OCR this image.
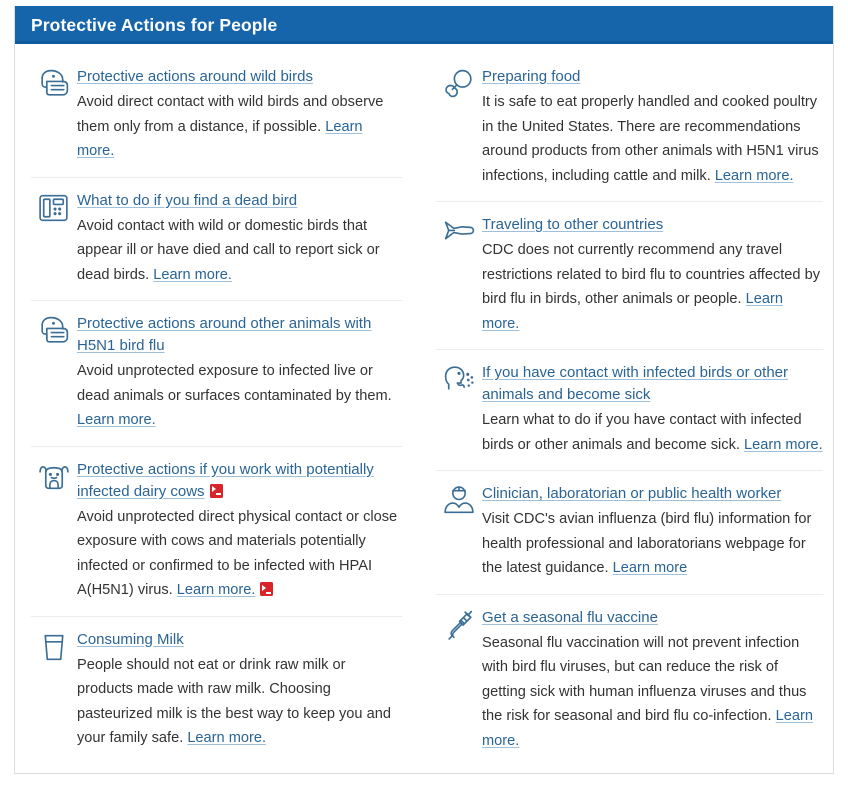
Protective Actions for People
Protective actions around wild birds
Avoid direct contact with wild birds and observe them only from a distance, if possible. Learn more.
What to do if you find a dead bird
Avoid contact with wild or domestic birds that appear ill or have died and call to report sick or dead birds. Learn more.
Protective actions around other animals with H5N1 bird flu
Avoid unprotected exposure to infected live or dead animals or surfaces contaminated by them. Learn more.
Protective actions if you work with potentially infected dairy cows
Avoid unprotected direct physical contact or close exposure with cows and materials potentially infected or confirmed to be infected with HPAI A(H5N1) virus. Learn more.
Consuming Milk
People should not eat or drink raw milk or products made with raw milk. Choosing pasteurized milk is the best way to keep you and your family safe. Learn more.
Preparing food
It is safe to eat properly handled and cooked poultry in the United States. There are recommendations around products from other animals with H5N1 virus infections, including cattle and milk. Learn more.
Traveling to other countries
CDC does not currently recommend any travel restrictions related to bird flu to countries affected by bird flu in birds, other animals or people. Learn more.
If you have contact with infected birds or other animals and become sick
Learn what to do if you have contact with infected birds or other animals and become sick. Learn more.
Clinician, laboratorian or public health worker
Visit CDC's avian influenza (bird flu) information for health professional and laboratorians webpage for the latest guidance. Learn more
Get a seasonal flu vaccine
Seasonal flu vaccination will not prevent infection with bird flu viruses, but can reduce the risk of getting sick with human influenza viruses and thus the risk for seasonal and bird flu co-infection. Learn more.
